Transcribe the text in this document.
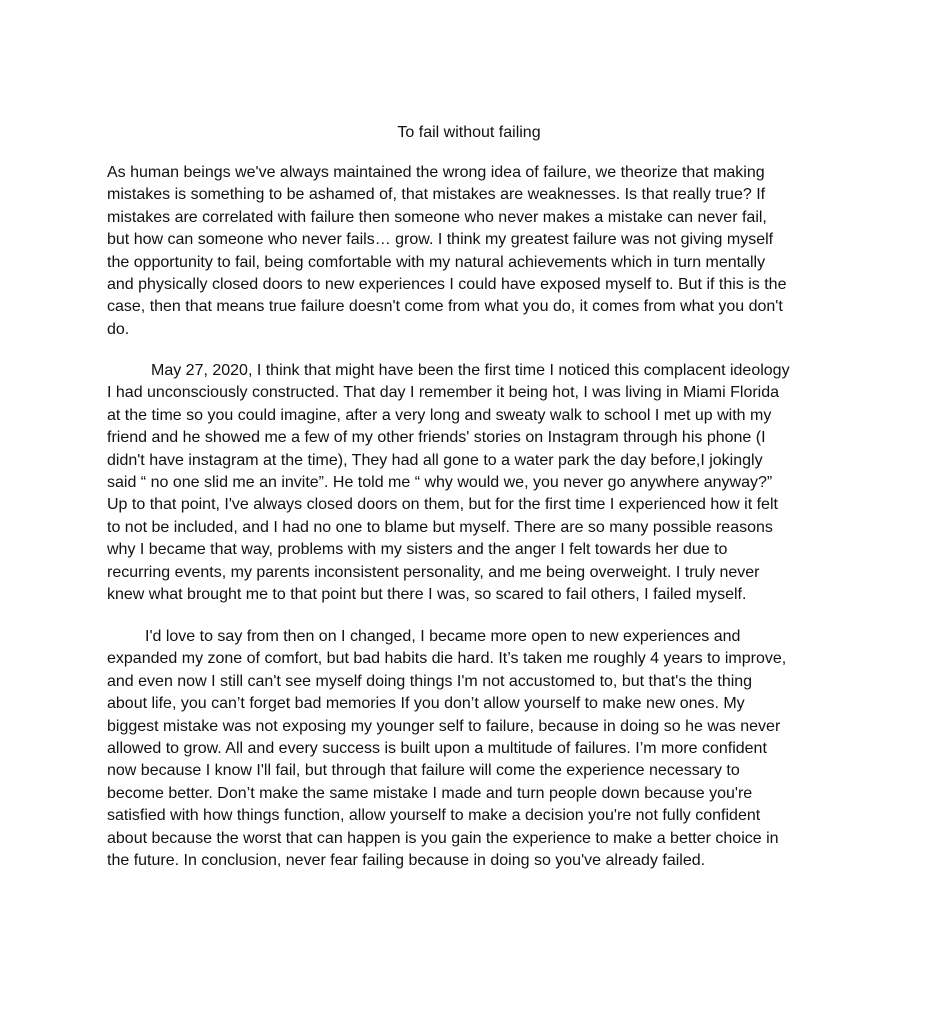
To fail without failing
As human beings we've always maintained the wrong idea of failure, we theorize that making
mistakes is something to be ashamed of, that mistakes are weaknesses. Is that really true? If
mistakes are correlated with failure then someone who never makes a mistake can never fail,
but how can someone who never fails… grow. I think my greatest failure was not giving myself
the opportunity to fail, being comfortable with my natural achievements which in turn mentally
and physically closed doors to new experiences I could have exposed myself to. But if this is the
case, then that means true failure doesn't come from what you do, it comes from what you don't
do.
May 27, 2020, I think that might have been the first time I noticed this complacent ideology
I had unconsciously constructed. That day I remember it being hot, I was living in Miami Florida
at the time so you could imagine, after a very long and sweaty walk to school I met up with my
friend and he showed me a few of my other friends' stories on Instagram through his phone (I
didn't have instagram at the time), They had all gone to a water park the day before,I jokingly
said “ no one slid me an invite”. He told me “ why would we, you never go anywhere anyway?”
Up to that point, I've always closed doors on them, but for the first time I experienced how it felt
to not be included, and I had no one to blame but myself. There are so many possible reasons
why I became that way, problems with my sisters and the anger I felt towards her due to
recurring events, my parents inconsistent personality, and me being overweight. I truly never
knew what brought me to that point but there I was, so scared to fail others, I failed myself.
I'd love to say from then on I changed, I became more open to new experiences and
expanded my zone of comfort, but bad habits die hard. It’s taken me roughly 4 years to improve,
and even now I still can't see myself doing things I'm not accustomed to, but that's the thing
about life, you can’t forget bad memories If you don’t allow yourself to make new ones. My
biggest mistake was not exposing my younger self to failure, because in doing so he was never
allowed to grow. All and every success is built upon a multitude of failures. I’m more confident
now because I know I'll fail, but through that failure will come the experience necessary to
become better. Don’t make the same mistake I made and turn people down because you're
satisfied with how things function, allow yourself to make a decision you're not fully confident
about because the worst that can happen is you gain the experience to make a better choice in
the future. In conclusion, never fear failing because in doing so you've already failed.
